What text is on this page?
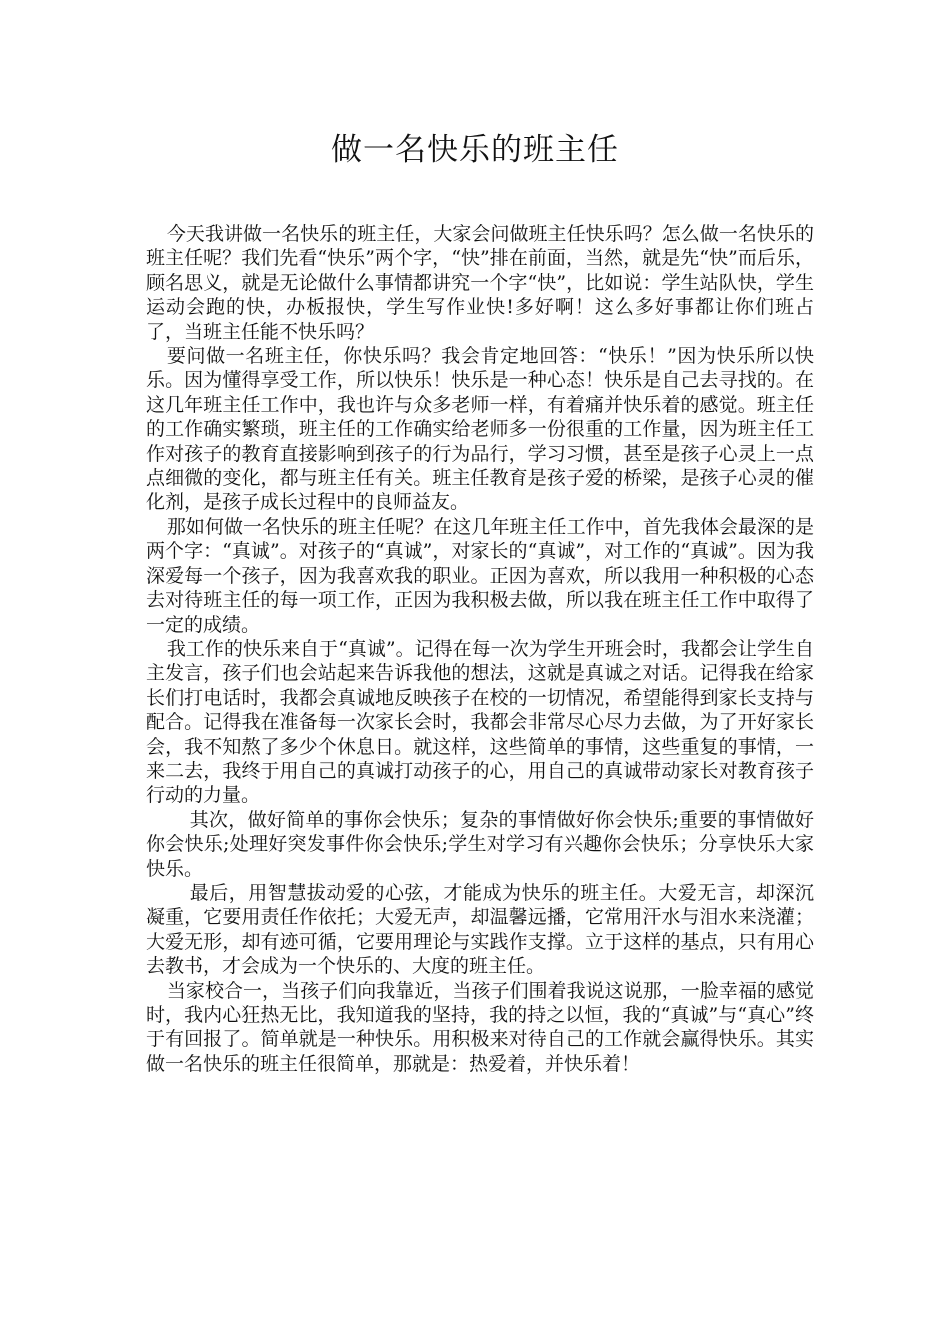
做一名快乐的班主任

今天我讲做一名快乐的班主任，大家会问做班主任快乐吗？怎么做一名快乐的班主任呢？我们先看“快乐”两个字，“快”排在前面，当然，就是先“快”而后乐，顾名思义，就是无论做什么事情都讲究一个字“快”，比如说：学生站队快，学生运动会跑的快，办板报快，学生写作业快!多好啊！这么多好事都让你们班占了，当班主任能不快乐吗？

要问做一名班主任，你快乐吗？我会肯定地回答：“快乐！”因为快乐所以快乐。因为懂得享受工作，所以快乐！快乐是一种心态！快乐是自己去寻找的。在这几年班主任工作中，我也许与众多老师一样，有着痛并快乐着的感觉。班主任的工作确实繁琐，班主任的工作确实给老师多一份很重的工作量，因为班主任工作对孩子的教育直接影响到孩子的行为品行，学习习惯，甚至是孩子心灵上一点点细微的变化，都与班主任有关。班主任教育是孩子爱的桥梁，是孩子心灵的催化剂，是孩子成长过程中的良师益友。

那如何做一名快乐的班主任呢？在这几年班主任工作中，首先我体会最深的是两个字：“真诚”。对孩子的“真诚”，对家长的“真诚”，对工作的“真诚”。因为我深爱每一个孩子，因为我喜欢我的职业。正因为喜欢，所以我用一种积极的心态去对待班主任的每一项工作，正因为我积极去做，所以我在班主任工作中取得了一定的成绩。

我工作的快乐来自于“真诚”。记得在每一次为学生开班会时，我都会让学生自主发言，孩子们也会站起来告诉我他的想法，这就是真诚之对话。记得我在给家长们打电话时，我都会真诚地反映孩子在校的一切情况，希望能得到家长支持与配合。记得我在准备每一次家长会时，我都会非常尽心尽力去做，为了开好家长会，我不知熬了多少个休息日。就这样，这些简单的事情，这些重复的事情，一来二去，我终于用自己的真诚打动孩子的心，用自己的真诚带动家长对教育孩子行动的力量。

其次，做好简单的事你会快乐；复杂的事情做好你会快乐;重要的事情做好你会快乐;处理好突发事件你会快乐;学生对学习有兴趣你会快乐；分享快乐大家快乐。

最后，用智慧拔动爱的心弦，才能成为快乐的班主任。大爱无言，却深沉凝重，它要用责任作依托；大爱无声，却温馨远播，它常用汗水与泪水来浇灌；大爱无形，却有迹可循，它要用理论与实践作支撑。立于这样的基点，只有用心去教书，才会成为一个快乐的、大度的班主任。

当家校合一，当孩子们向我靠近，当孩子们围着我说这说那，一脸幸福的感觉时，我内心狂热无比，我知道我的坚持，我的持之以恒，我的“真诚”与“真心”终于有回报了。简单就是一种快乐。用积极来对待自己的工作就会赢得快乐。其实做一名快乐的班主任很简单，那就是：热爱着，并快乐着！
